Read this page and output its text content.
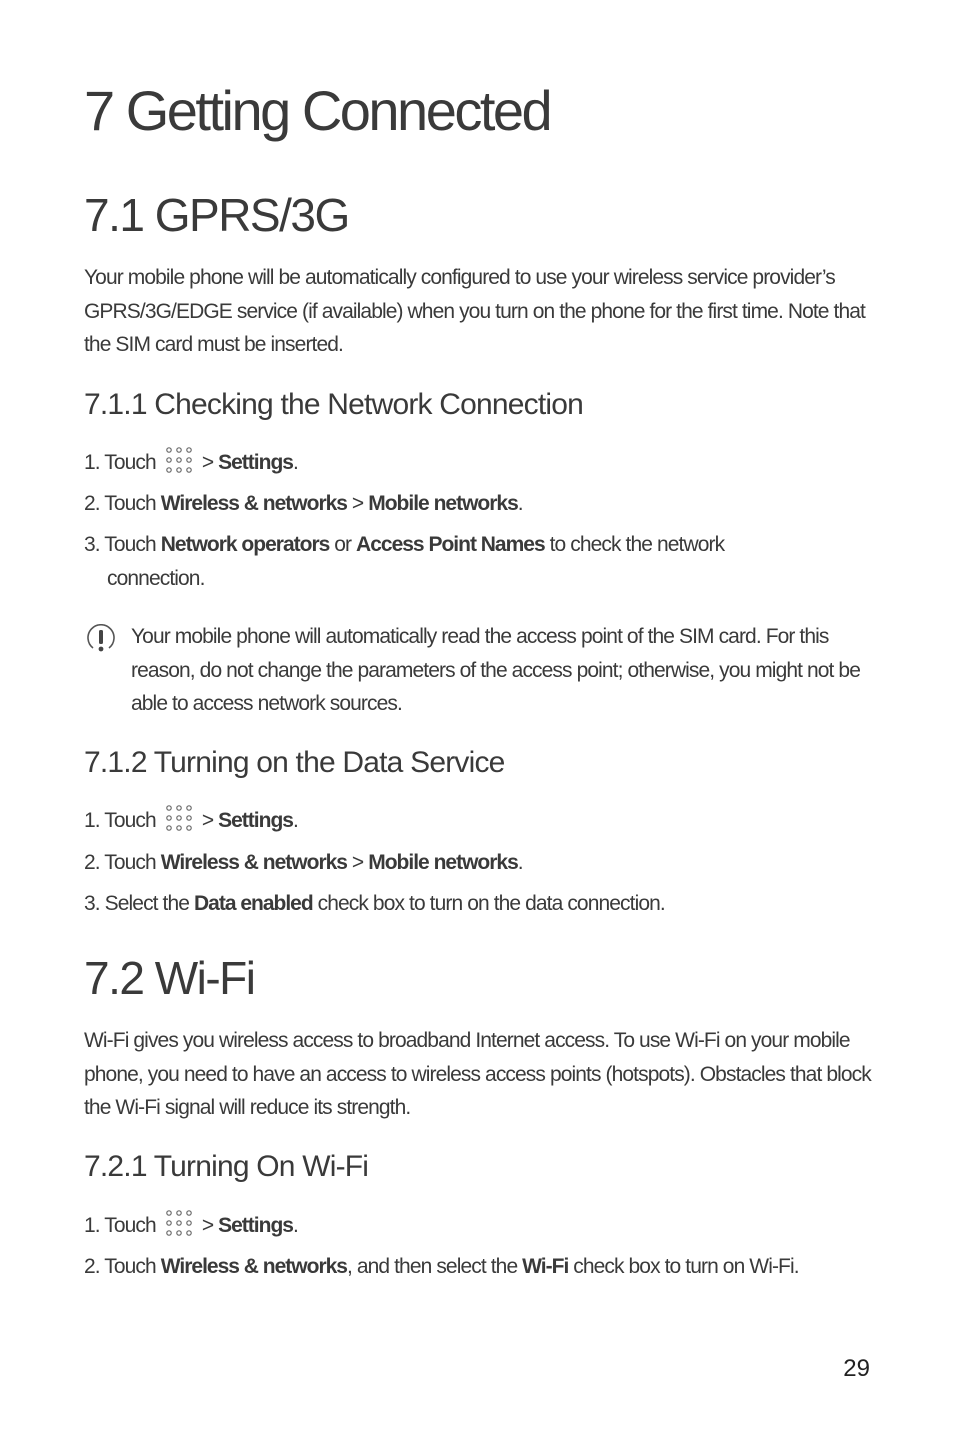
7 Getting Connected
7.1 GPRS/3G
Your mobile phone will be automatically configured to use your wireless service provider’s GPRS/3G/EDGE service (if available) when you turn on the phone for the first time. Note that the SIM card must be inserted.
7.1.1 Checking the Network Connection
1. Touch > Settings.
2. Touch Wireless & networks > Mobile networks.
3. Touch Network operators or Access Point Names to check the network
connection.
Your mobile phone will automatically read the access point of the SIM card. For this reason, do not change the parameters of the access point; otherwise, you might not be able to access network sources.
7.1.2 Turning on the Data Service
1. Touch > Settings.
2. Touch Wireless & networks > Mobile networks.
3. Select the Data enabled check box to turn on the data connection.
7.2 Wi-Fi
Wi-Fi gives you wireless access to broadband Internet access. To use Wi-Fi on your mobile phone, you need to have an access to wireless access points (hotspots). Obstacles that block the Wi-Fi signal will reduce its strength.
7.2.1 Turning On Wi-Fi
1. Touch > Settings.
2. Touch Wireless & networks, and then select the Wi-Fi check box to turn on Wi-Fi.
29
